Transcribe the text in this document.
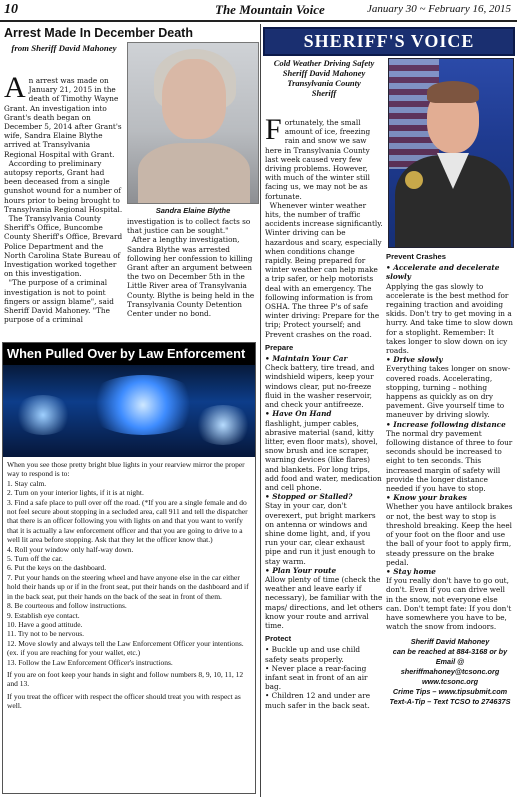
10	The Mountain Voice	January 30 ~ February 16, 2015
Arrest Made In December Death
from Sheriff David Mahoney
Sandra Elaine Blythe

An arrest was made on January 21, 2015 in the death of Timothy Wayne Grant. An investigation into Grant's death began on December 5, 2014 after Grant's wife, Sandra Elaine Blythe arrived at Transylvania Regional Hospital with Grant.

According to preliminary autopsy reports, Grant had been deceased from a single gunshot wound for a number of hours prior to being brought to Transylvania Regional Hospital.

The Transylvania County Sheriff's Office, Buncombe County Sheriff's Office, Brevard Police Department and the North Carolina State Bureau of Investigation worked together on this investigation.

"The purpose of a criminal investigation is not to point fingers or assign blame", said Sheriff David Mahoney. "The purpose of a criminal

investigation is to collect facts so that justice can be sought."

After a lengthy investigation, Sandra Blythe was arrested following her confession to killing Grant after an argument between the two on December 5th in the Little River area of Transylvania County. Blythe is being held in the Transylvania County Detention Center under no bond.

When Pulled Over by Law Enforcement

When you see those pretty bright blue lights in your rearview mirror the proper way to respond is to:

1. Stay calm.

2. Turn on your interior lights, if it is at night.

3. Find a safe place to pull over off the road. (*If you are a single female and do not feel secure about stopping in a secluded area, call 911 and tell the dispatcher that there is an officer following you with lights on and that you want to verify that it is actually a law enforcement officer and that you are going to drive to a well lit area before stopping. Ask that they let the officer know that.)

4. Roll your window only half-way down.

5. Turn off the car.

6. Put the keys on the dashboard.

7. Put your hands on the steering wheel and have anyone else in the car either hold their hands up or if in the front seat, put their hands on the dashboard and if in the back seat, put their hands on the back of the seat in front of them.

8. Be courteous and follow instructions.

9. Establish eye contact.

10. Have a good attitude.

11. Try not to be nervous.

12. Move slowly and always tell the Law Enforcement Officer your intentions. (ex. if you are reaching for your wallet, etc.)

13. Follow the Law Enforcement Officer's instructions.

If you are on foot keep your hands in sight and follow numbers 8, 9, 10, 11, 12 and 13.

If you treat the officer with respect the officer should treat you with respect as well.

SHERIFF'S VOICE
Cold Weather Driving Safety
Sheriff David Mahoney
Transylvania County
Sheriff

Fortunately, the small amount of ice, freezing rain and snow we saw here in Transylvania County last week caused very few driving problems. However, with much of the winter still facing us, we may not be as fortunate.

Whenever winter weather hits, the number of traffic accidents increase significantly. Winter driving can be hazardous and scary, especially when conditions change rapidly. Being prepared for winter weather can help make a trip safer, or help motorists deal with an emergency. The following information is from OSHA. The three P's of safe winter driving: Prepare for the trip; Protect yourself; and Prevent crashes on the road.

Prepare

• Maintain Your Car
Check battery, tire tread, and windshield wipers, keep your windows clear, put no-freeze fluid in the washer reservoir, and check your antifreeze.

• Have On Hand
flashlight, jumper cables, abrasive material (sand, kitty litter, even floor mats), shovel, snow brush and ice scraper, warning devices (like flares) and blankets. For long trips, add food and water, medication and cell phone.

• Stopped or Stalled?
Stay in your car, don't overexert, put bright markers on antenna or windows and shine dome light, and, if you run your car, clear exhaust pipe and run it just enough to stay warm.

• Plan Your route
Allow plenty of time (check the weather and leave early if necessary), be familiar with the maps/ directions, and let others know your route and arrival time.

Protect

• Buckle up and use child safety seats properly.

• Never place a rear-facing infant seat in front of an air bag.

• Children 12 and under are much safer in the back seat.

Prevent Crashes

• Accelerate and decelerate slowly
Applying the gas slowly to accelerate is the best method for regaining traction and avoiding skids. Don't try to get moving in a hurry. And take time to slow down for a stoplight. Remember: It takes longer to slow down on icy roads.

• Drive slowly
Everything takes longer on snow-covered roads. Accelerating, stopping, turning – nothing happens as quickly as on dry pavement. Give yourself time to maneuver by driving slowly.

• Increase following distance
The normal dry pavement following distance of three to four seconds should be increased to eight to ten seconds. This increased margin of safety will provide the longer distance needed if you have to stop.

• Know your brakes
Whether you have antilock brakes or not, the best way to stop is threshold breaking. Keep the heel of your foot on the floor and use the ball of your foot to apply firm, steady pressure on the brake pedal.

• Stay home
If you really don't have to go out, don't. Even if you can drive well in the snow, not everyone else can. Don't tempt fate: If you don't have somewhere you have to be, watch the snow from indoors.

Sheriff David Mahoney
can be reached at 884-3168 or by
Email @ sheriffmahoney@tcsonc.org
www.tcsonc.org
Crime Tips – www.tipsubmit.com
Text-A-Tip – Text TCSO to 274637S
